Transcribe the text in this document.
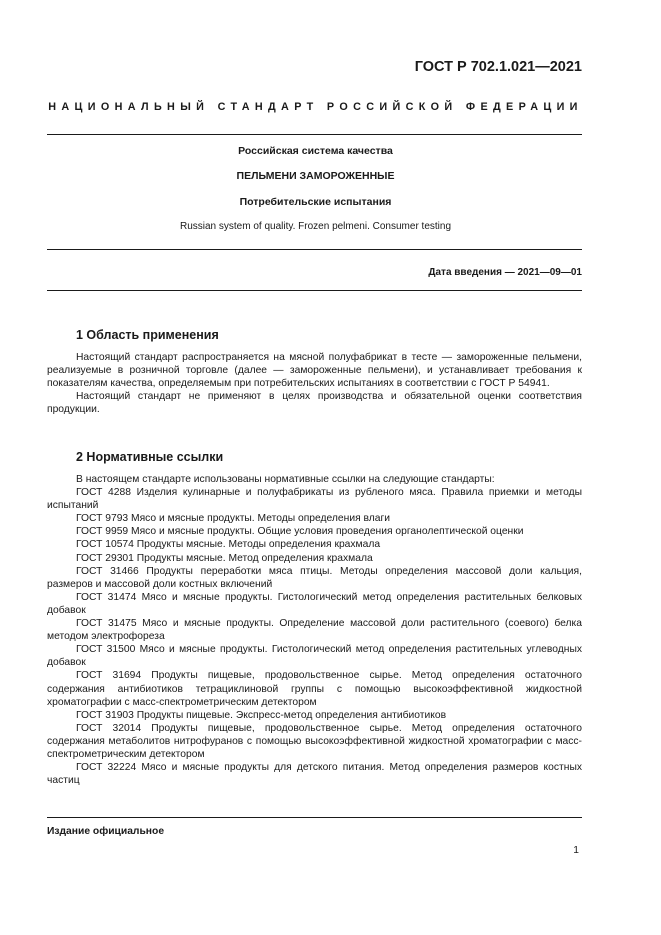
ГОСТ Р 702.1.021—2021
НАЦИОНАЛЬНЫЙ СТАНДАРТ РОССИЙСКОЙ ФЕДЕРАЦИИ
Российская система качества
ПЕЛЬМЕНИ ЗАМОРОЖЕННЫЕ
Потребительские испытания
Russian system of quality. Frozen pelmeni. Consumer testing
Дата введения — 2021—09—01
1 Область применения

Настоящий стандарт распространяется на мясной полуфабрикат в тесте — замороженные пельмени, реализуемые в розничной торговле (далее — замороженные пельмени), и устанавливает требования к показателям качества, определяемым при потребительских испытаниях в соответствии с ГОСТ Р 54941.

Настоящий стандарт не применяют в целях производства и обязательной оценки соответствия продукции.

2 Нормативные ссылки

В настоящем стандарте использованы нормативные ссылки на следующие стандарты:

ГОСТ 4288 Изделия кулинарные и полуфабрикаты из рубленого мяса. Правила приемки и методы испытаний

ГОСТ 9793 Мясо и мясные продукты. Методы определения влаги

ГОСТ 9959 Мясо и мясные продукты. Общие условия проведения органолептической оценки

ГОСТ 10574 Продукты мясные. Методы определения крахмала

ГОСТ 29301 Продукты мясные. Метод определения крахмала

ГОСТ 31466 Продукты переработки мяса птицы. Методы определения массовой доли кальция, размеров и массовой доли костных включений

ГОСТ 31474 Мясо и мясные продукты. Гистологический метод определения растительных белковых добавок

ГОСТ 31475 Мясо и мясные продукты. Определение массовой доли растительного (соевого) белка методом электрофореза

ГОСТ 31500 Мясо и мясные продукты. Гистологический метод определения растительных углеводных добавок

ГОСТ 31694 Продукты пищевые, продовольственное сырье. Метод определения остаточного содержания антибиотиков тетрациклиновой группы с помощью высокоэффективной жидкостной хроматографии с масс-спектрометрическим детектором

ГОСТ 31903 Продукты пищевые. Экспресс-метод определения антибиотиков

ГОСТ 32014 Продукты пищевые, продовольственное сырье. Метод определения остаточного содержания метаболитов нитрофуранов с помощью высокоэффективной жидкостной хроматографии с масс-спектрометрическим детектором

ГОСТ 32224 Мясо и мясные продукты для детского питания. Метод определения размеров костных частиц

Издание официальное
1
